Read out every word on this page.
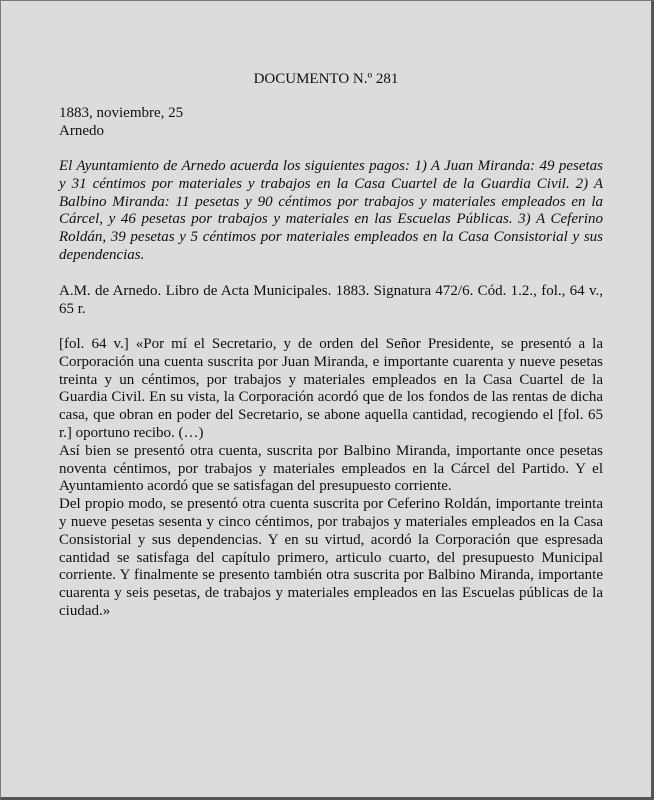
DOCUMENTO N.º 281
1883, noviembre, 25
Arnedo
El Ayuntamiento de Arnedo acuerda los siguientes pagos: 1) A Juan Miranda: 49 pesetas y 31 céntimos por materiales y trabajos en la Casa Cuartel de la Guardia Civil. 2) A Balbino Miranda: 11 pesetas y 90 céntimos por trabajos y materiales empleados en la Cárcel, y 46 pesetas por trabajos y materiales en las Escuelas Públicas. 3) A Ceferino Roldán, 39 pesetas y 5 céntimos por materiales empleados en la Casa Consistorial y sus dependencias.
A.M. de Arnedo. Libro de Acta Municipales. 1883. Signatura 472/6. Cód. 1.2., fol., 64 v., 65 r.

[fol. 64 v.] «Por mí el Secretario, y de orden del Señor Presidente, se presentó a la Corporación una cuenta suscrita por Juan Miranda, e importante cuarenta y nueve pesetas treinta y un céntimos, por trabajos y materiales empleados en la Casa Cuartel de la Guardia Civil. En su vista, la Corporación acordó que de los fondos de las rentas de dicha casa, que obran en poder del Secretario, se abone aquella cantidad, recogiendo el [fol. 65 r.] oportuno recibo. (…)

Así bien se presentó otra cuenta, suscrita por Balbino Miranda, importante once pesetas noventa céntimos, por trabajos y materiales empleados en la Cárcel del Partido. Y el Ayuntamiento acordó que se satisfagan del presupuesto corriente.

Del propio modo, se presentó otra cuenta suscrita por Ceferino Roldán, importante treinta y nueve pesetas sesenta y cinco céntimos, por trabajos y materiales empleados en la Casa Consistorial y sus dependencias. Y en su virtud, acordó la Corporación que espresada cantidad se satisfaga del capítulo primero, articulo cuarto, del presupuesto Municipal corriente. Y finalmente se presento también otra suscrita por Balbino Miranda, importante cuarenta y seis pesetas, de trabajos y materiales empleados en las Escuelas públicas de la ciudad.»
